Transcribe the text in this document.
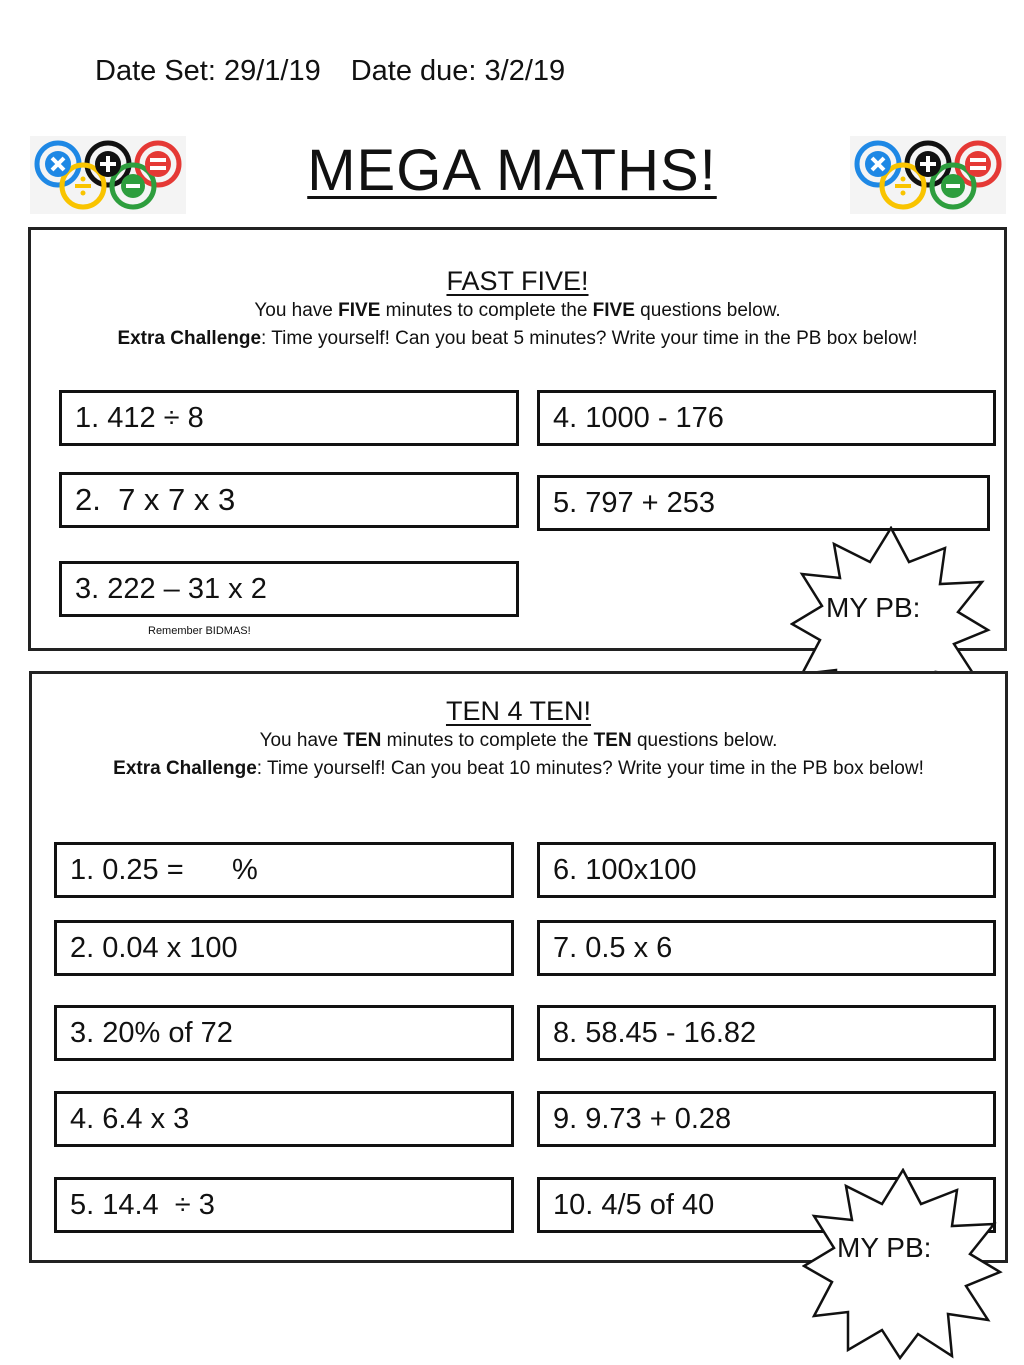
Date Set: 29/1/19 Date due: 3/2/19
MEGA MATHS!
FAST FIVE!
You have FIVE minutes to complete the FIVE questions below.
Extra Challenge: Time yourself! Can you beat 5 minutes? Write your time in the PB box below!
1. 412 ÷ 8
2.  7 x 7 x 3
3. 222 – 31 x 2
4. 1000 - 176
5. 797 + 253
Remember BIDMAS!
MY PB:
TEN 4 TEN!
You have TEN minutes to complete the TEN questions below.
Extra Challenge: Time yourself! Can you beat 10 minutes? Write your time in the PB box below!
1. 0.25 =      %
2. 0.04 x 100
3. 20% of 72
4. 6.4 x 3
5. 14.4  ÷ 3
6. 100x100
7. 0.5 x 6
8. 58.45 - 16.82
9. 9.73 + 0.28
10. 4/5 of 40
MY PB:
